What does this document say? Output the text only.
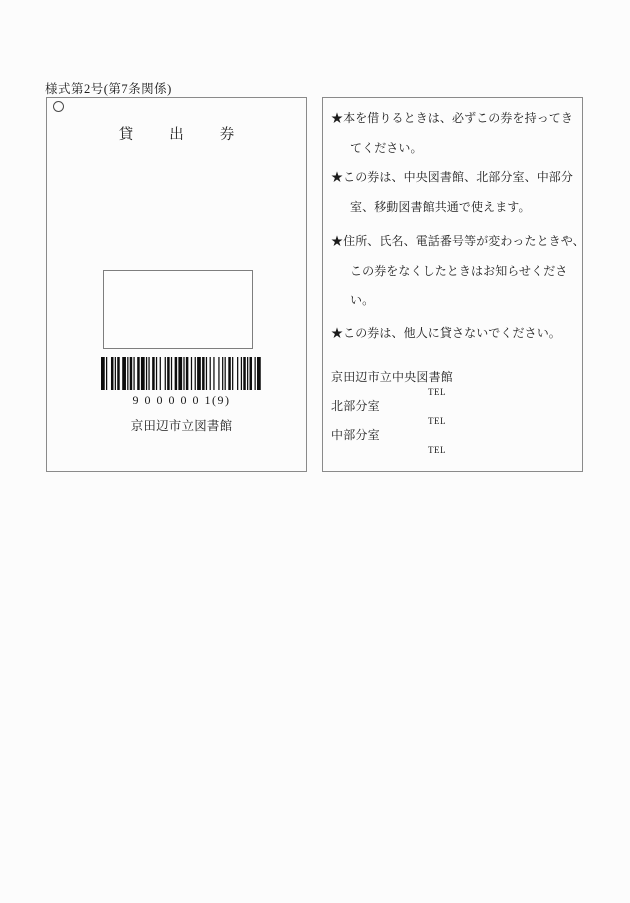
様式第2号(第7条関係)
貸 出 券
9 0 0 0 0 0 1(9)
京田辺市立図書館
★本を借りるときは、必ずこの券を持ってき
てください。
★この券は、中央図書館、北部分室、中部分
室、移動図書館共通で使えます。
★住所、氏名、電話番号等が変わったときや、
この券をなくしたときはお知らせくださ
い。
★この券は、他人に貸さないでください。
京田辺市立中央図書館
TEL
北部分室
TEL
中部分室
TEL
